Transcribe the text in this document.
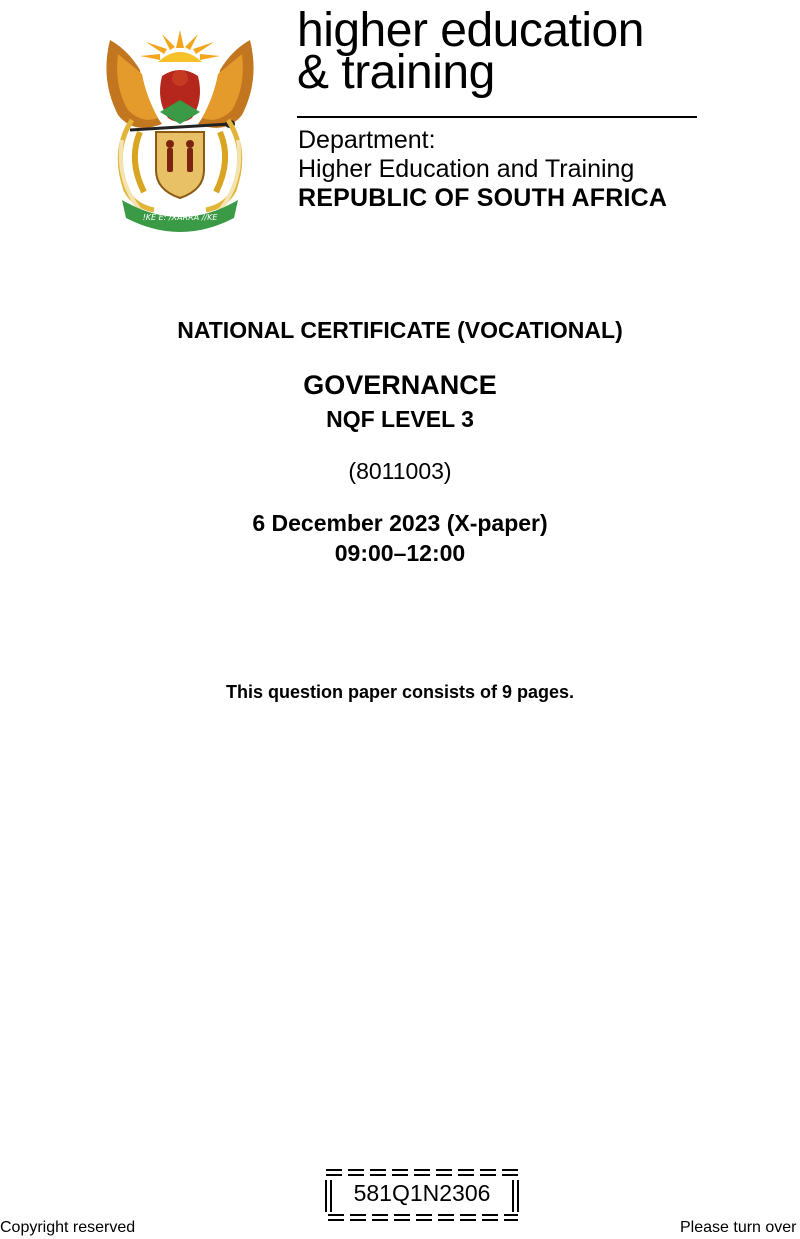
!KE E: /XARRA //KE
higher education
& training
Department:
Higher Education and Training
REPUBLIC OF SOUTH AFRICA
NATIONAL CERTIFICATE (VOCATIONAL)
GOVERNANCE
NQF LEVEL 3
(8011003)
6 December 2023 (X-paper)
09:00–12:00
This question paper consists of 9 pages.
581Q1N2306
Copyright reserved	Please turn over
